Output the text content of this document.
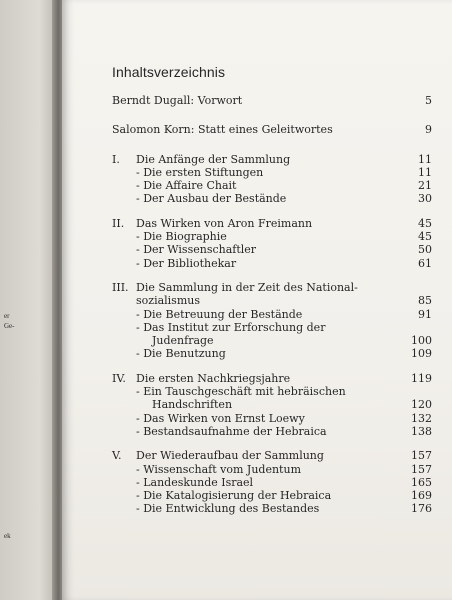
er
Ge-
ek
Inhaltsverzeichnis
Berndt Dugall: Vorwort	5
Salomon Korn: Statt eines Geleitwortes	9
I. Die Anfänge der Sammlung	11
- Die ersten Stiftungen	11
- Die Affaire Chait	21
- Der Ausbau der Bestände	30
II. Das Wirken von Aron Freimann	45
- Die Biographie	45
- Der Wissenschaftler	50
- Der Bibliothekar	61
III. Die Sammlung in der Zeit des National-
sozialismus	85
- Die Betreuung der Bestände	91
- Das Institut zur Erforschung der
Judenfrage	100
- Die Benutzung	109
IV. Die ersten Nachkriegsjahre	119
- Ein Tauschgeschäft mit hebräischen
Handschriften	120
- Das Wirken von Ernst Loewy	132
- Bestandsaufnahme der Hebraica	138
V. Der Wiederaufbau der Sammlung	157
- Wissenschaft vom Judentum	157
- Landeskunde Israel	165
- Die Katalogisierung der Hebraica	169
- Die Entwicklung des Bestandes	176
